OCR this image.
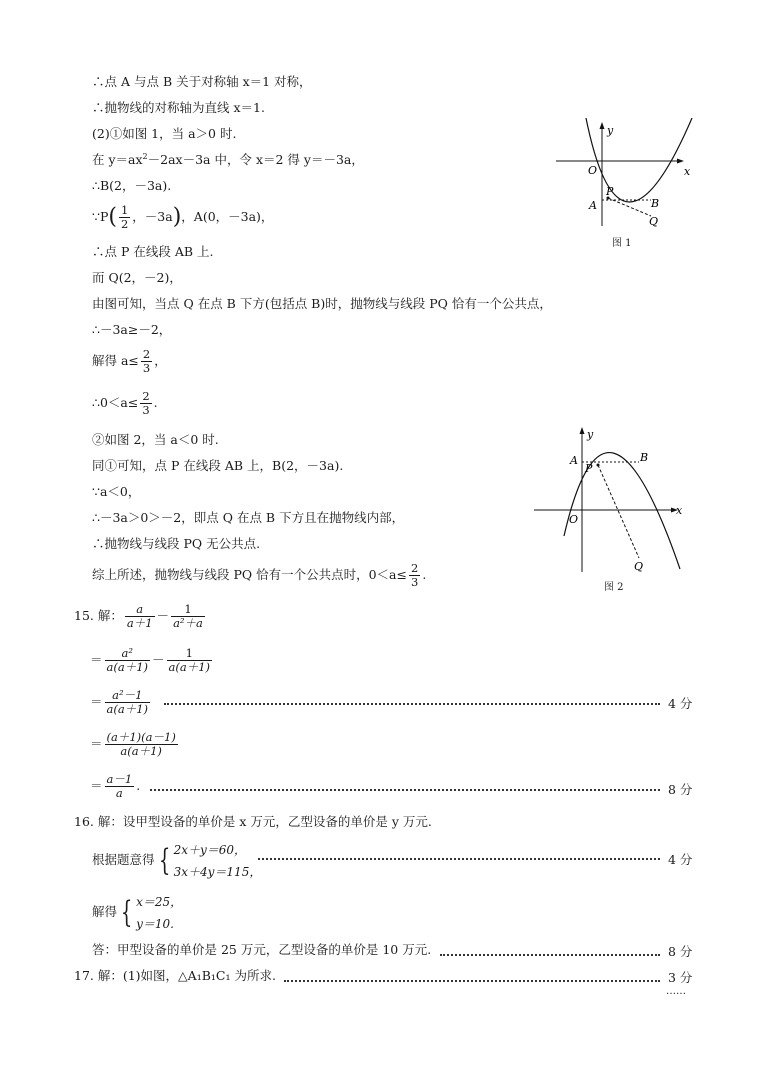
∴点 A 与点 B 关于对称轴 x＝1 对称，
∴抛物线的对称轴为直线 x＝1.
(2)①如图 1，当 a＞0 时.
在 $y=ax^2-2ax-3a$ 中，令 x＝2 得 y＝－3a，
∴B(2，－3a).
∵P( $\frac{1}{2}$ ，－3a)，A(0，－3a)，
∴点 P 在线段 AB 上.
而 Q(2，－2)，
由图可知，当点 Q 在点 B 下方(包括点 B)时，抛物线与线段 PQ 恰有一个公共点，
∴－3a≥－2，
解得 $a\le \frac{2}{3}$ ，
∴0＜a≤ $\frac{2}{3}$ .
②如图 2，当 a＜0 时.
同①可知，点 P 在线段 AB 上，B(2，－3a).
∵a＜0，
∴－3a＞0＞－2，即点 Q 在点 B 下方且在抛物线内部，
∴抛物线与线段 PQ 无公共点.
综上所述，抛物线与线段 PQ 恰有一个公共点时，$0<a\le \frac{2}{3}$ .
y
x
O
P
A	B
Q
图 1
y
x
O
A
P
B
Q
图 2
15. 解： $\frac{a}{a+1} - \frac{1}{\text{a²＋a}}$
＝ $\frac{\text{a²}}{a(a+1)} - \frac{1}{a(a+1)}$
＝ $\frac{\text{a²－1}}{a(a+1)}$	4 分
＝ $\frac{(a+1)(a-1)}{a(a+1)}$
＝ $\frac{a-1}{a}$ .	8 分
16. 解：设甲型设备的单价是 x 万元，乙型设备的单价是 y 万元.
根据题意得 { 2x＋y＝60，
3x＋4y＝115，
4 分
解得 { x＝25，
y＝10.
答：甲型设备的单价是 25 万元，乙型设备的单价是 10 万元.	8 分
17. 解：(1)如图，△A₁B₁C₁ 为所求.	3 分
……
